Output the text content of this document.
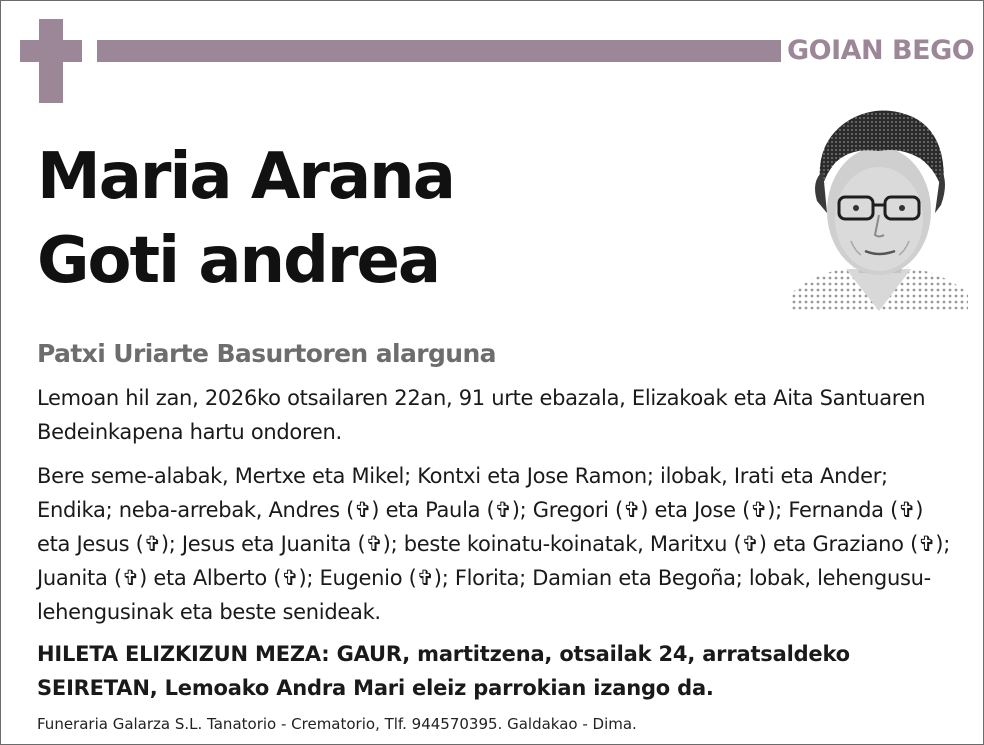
GOIAN BEGO
Maria Arana
Goti andrea
Patxi Uriarte Basurtoren alarguna
Lemoan hil zan, 2026ko otsailaren 22an, 91 urte ebazala, Elizakoak eta Aita Santuaren Bedeinkapena hartu ondoren.
Bere seme-alabak, Mertxe eta Mikel; Kontxi eta Jose Ramon; ilobak, Irati eta Ander; Endika; neba-arrebak, Andres (✞) eta Paula (✞); Gregori (✞) eta Jose (✞); Fernanda (✞) eta Jesus (✞); Jesus eta Juanita (✞); beste koinatu-koinatak, Maritxu (✞) eta Graziano (✞); Juanita (✞) eta Alberto (✞); Eugenio (✞); Florita; Damian eta Begoña; lobak, lehengusu-lehengusinak eta beste senideak.
HILETA ELIZKIZUN MEZA: GAUR, martitzena, otsailak 24, arratsaldeko SEIRETAN, Lemoako Andra Mari eleiz parrokian izango da.
Funeraria Galarza S.L. Tanatorio - Crematorio, Tlf. 944570395. Galdakao - Dima.
